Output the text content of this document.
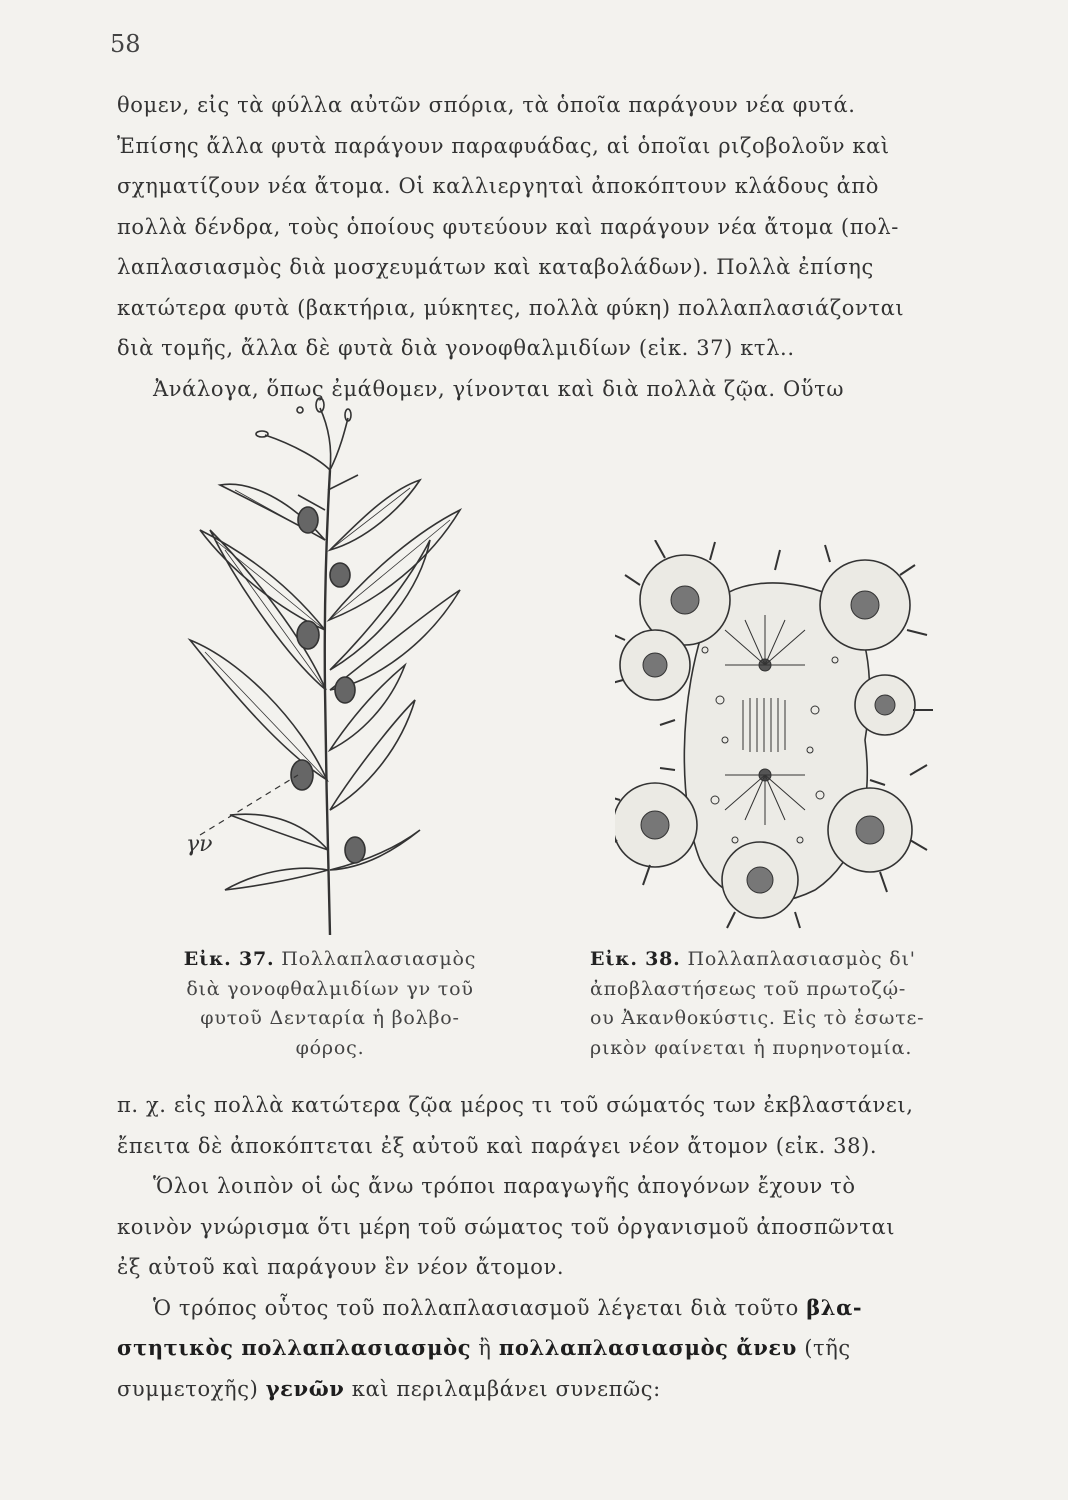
58

θομεν, εἰς τὰ φύλλα αὐτῶν σπόρια, τὰ ὁποῖα παράγουν νέα φυτά.

Ἐπίσης ἄλλα φυτὰ παράγουν παραφυάδας, αἱ ὁποῖαι ριζοβολοῦν καὶ

σχηματίζουν νέα ἄτομα. Οἱ καλλιεργηταὶ ἀποκόπτουν κλάδους ἀπὸ

πολλὰ δένδρα, τοὺς ὁποίους φυτεύουν καὶ παράγουν νέα ἄτομα (πολ-

λαπλασιασμὸς διὰ μοσχευμάτων καὶ καταβολάδων). Πολλὰ ἐπίσης

κατώτερα φυτὰ (βακτήρια, μύκητες, πολλὰ φύκη) πολλαπλασιάζονται

διὰ τομῆς, ἄλλα δὲ φυτὰ διὰ γονοφθαλμιδίων (εἰκ. 37) κτλ..

Ἀνάλογα, ὅπως ἐμάθομεν, γίνονται καὶ διὰ πολλὰ ζῷα. Οὕτω

γν
Εἰκ. 37. Πολλαπλασιασμὸς
διὰ γονοφθαλμιδίων γν τοῦ
φυτοῦ Δενταρία ἡ βολβο-
φόρος.
Εἰκ. 38. Πολλαπλασιασμὸς δι'
ἀποβλαστήσεως τοῦ πρωτοζῴ-
ου Ἀκανθοκύστις. Εἰς τὸ ἐσωτε-
ρικὸν φαίνεται ἡ πυρηνοτομία.

π. χ. εἰς πολλὰ κατώτερα ζῷα μέρος τι τοῦ σώματός των ἐκβλαστάνει,

ἔπειτα δὲ ἀποκόπτεται ἐξ αὐτοῦ καὶ παράγει νέον ἄτομον (εἰκ. 38).

Ὅλοι λοιπὸν οἱ ὡς ἄνω τρόποι παραγωγῆς ἀπογόνων ἔχουν τὸ

κοινὸν γνώρισμα ὅτι μέρη τοῦ σώματος τοῦ ὀργανισμοῦ ἀποσπῶνται

ἐξ αὐτοῦ καὶ παράγουν ἓν νέον ἄτομον.

Ὁ τρόπος οὗτος τοῦ πολλαπλασιασμοῦ λέγεται διὰ τοῦτο βλα-

στητικὸς πολλαπλασιασμὸς ἢ πολλαπλασιασμὸς ἄνευ (τῆς

συμμετοχῆς) γενῶν καὶ περιλαμβάνει συνεπῶς:
